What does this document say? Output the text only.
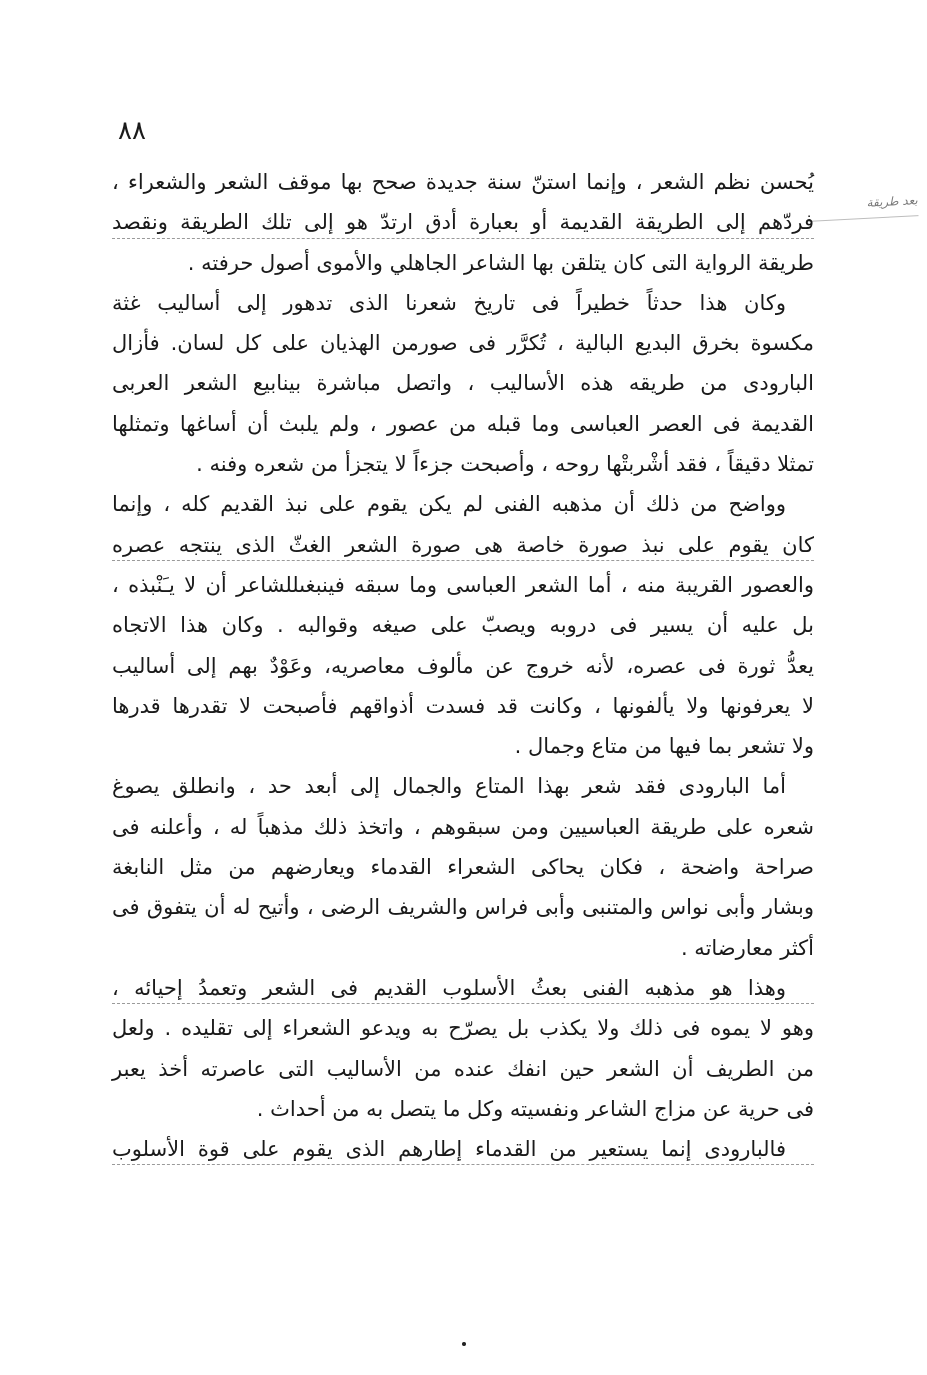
٨٨
بعد طريقة
يُحسن نظم الشعر ، وإنما استنّ سنة جديدة صحح بها موقف الشعر والشعراء ،
فردّهم إلى الطريقة القديمة أو بعبارة أدق ارتدّ هو إلى تلك الطريقة ونقصد
طريقة الرواية التى كان يتلقن بها الشاعر الجاهلي والأموى أصول حرفته .
وكان هذا حدثاً خطيراً فى تاريخ شعرنا الذى تدهور إلى أساليب غثة
مكسوة بخرق البديع البالية ، تُكرَّر فى صورمن الهذيان على كل لسان. فأزال
البارودى من طريقه هذه الأساليب ، واتصل مباشرة بينابيع الشعر العربى
القديمة فى العصر العباسى وما قبله من عصور ، ولم يلبث أن أساغها وتمثلها
تمثلا دقيقاً ، فقد أشْربتْها روحه ، وأصبحت جزءاً لا يتجزأ من شعره وفنه .
وواضح من ذلك أن مذهبه الفنى لم يكن يقوم على نبذ القديم كله ، وإنما
كان يقوم على نبذ صورة خاصة هى صورة الشعر الغثّ الذى ينتجه عصره
والعصور القريبة منه ، أما الشعر العباسى وما سبقه فينبغىللشاعر أن لا يـَنْبذه ،
بل عليه أن يسير فى دروبه ويصبّ على صيغه وقوالبه . وكان هذا الاتجاه
يعدُّ ثورة فى عصره، لأنه خروج عن مألوف معاصريه، وعَوْدٌ بهم إلى أساليب
لا يعرفونها ولا يألفونها ، وكانت قد فسدت أذواقهم فأصبحت لا تقدرها قدرها
ولا تشعر بما فيها من متاع وجمال .
أما البارودى فقد شعر بهذا المتاع والجمال إلى أبعد حد ، وانطلق يصوغ
شعره على طريقة العباسيين ومن سبقوهم ، واتخذ ذلك مذهباً له ، وأعلنه فى
صراحة واضحة ، فكان يحاكى الشعراء القدماء ويعارضهم من مثل النابغة
وبشار وأبى نواس والمتنبى وأبى فراس والشريف الرضى ، وأتيح له أن يتفوق فى
أكثر معارضاته .
وهذا هو مذهبه الفنى بعثُ الأسلوب القديم فى الشعر وتعمدُ إحيائه ،
وهو لا يموه فى ذلك ولا يكذب بل يصرّح به ويدعو الشعراء إلى تقليده . ولعل
من الطريف أن الشعر حين انفك عنده من الأساليب التى عاصرته أخذ يعبر
فى حرية عن مزاج الشاعر ونفسيته وكل ما يتصل به من أحداث .
فالبارودى إنما يستعير من القدماء إطارهم الذى يقوم على قوة الأسلوب
